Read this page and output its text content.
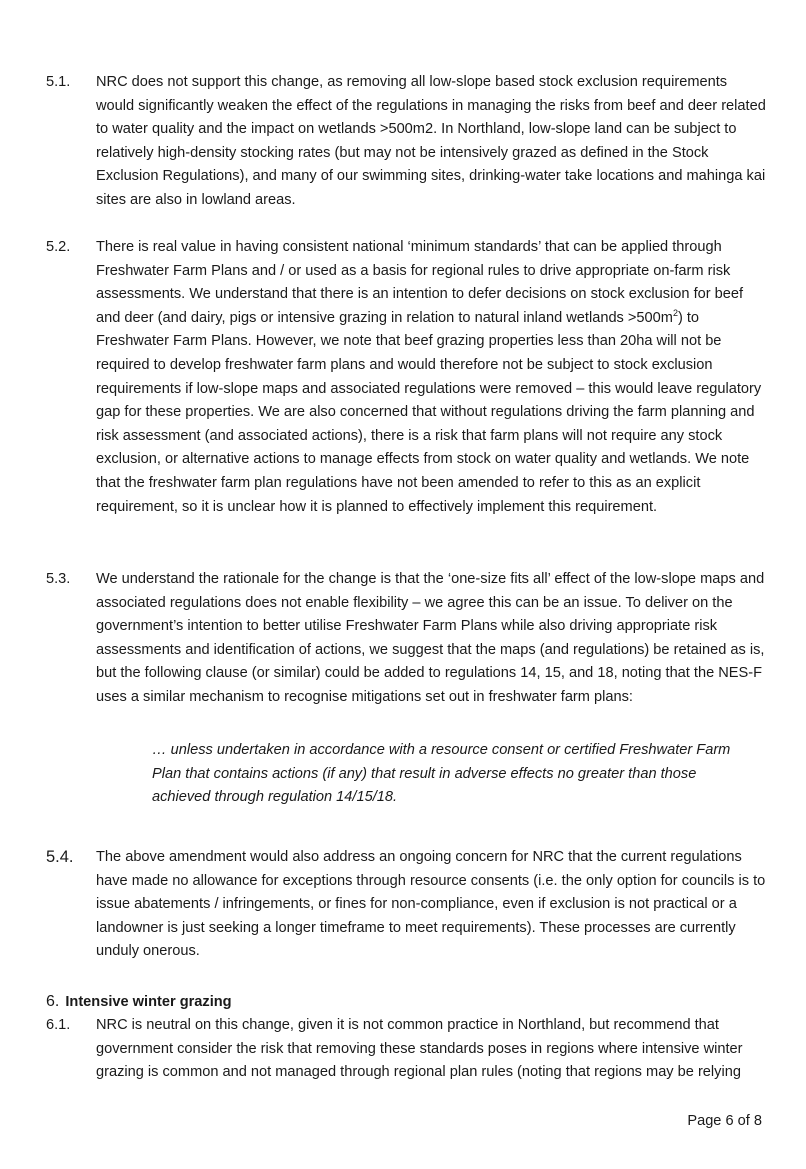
5.1.	NRC does not support this change, as removing all low-slope based stock exclusion requirements would significantly weaken the effect of the regulations in managing the risks from beef and deer related to water quality and the impact on wetlands >500m2. In Northland, low-slope land can be subject to relatively high-density stocking rates (but may not be intensively grazed as defined in the Stock Exclusion Regulations), and many of our swimming sites, drinking-water take locations and mahinga kai sites are also in lowland areas.
5.2.	There is real value in having consistent national ‘minimum standards’ that can be applied through Freshwater Farm Plans and / or used as a basis for regional rules to drive appropriate on-farm risk assessments. We understand that there is an intention to defer decisions on stock exclusion for beef and deer (and dairy, pigs or intensive grazing in relation to natural inland wetlands $>500m^2$) to Freshwater Farm Plans. However, we note that beef grazing properties less than 20ha will not be required to develop freshwater farm plans and would therefore not be subject to stock exclusion requirements if low-slope maps and associated regulations were removed – this would leave regulatory gap for these properties. We are also concerned that without regulations driving the farm planning and risk assessment (and associated actions), there is a risk that farm plans will not require any stock exclusion, or alternative actions to manage effects from stock on water quality and wetlands. We note that the freshwater farm plan regulations have not been amended to refer to this as an explicit requirement, so it is unclear how it is planned to effectively implement this requirement.
5.3.	We understand the rationale for the change is that the ‘one-size fits all’ effect of the low-slope maps and associated regulations does not enable flexibility – we agree this can be an issue. To deliver on the government’s intention to better utilise Freshwater Farm Plans while also driving appropriate risk assessments and identification of actions, we suggest that the maps (and regulations) be retained as is, but the following clause (or similar) could be added to regulations 14, 15, and 18, noting that the NES-F uses a similar mechanism to recognise mitigations set out in freshwater farm plans:
… unless undertaken in accordance with a resource consent or certified Freshwater Farm Plan that contains actions (if any) that result in adverse effects no greater than those achieved through regulation 14/15/18.
5.4.	The above amendment would also address an ongoing concern for NRC that the current regulations have made no allowance for exceptions through resource consents (i.e. the only option for councils is to issue abatements / infringements, or fines for non-compliance, even if exclusion is not practical or a landowner is just seeking a longer timeframe to meet requirements). These processes are currently unduly onerous.
6. Intensive winter grazing
6.1.	NRC is neutral on this change, given it is not common practice in Northland, but recommend that government consider the risk that removing these standards poses in regions where intensive winter grazing is common and not managed through regional plan rules (noting that regions may be relying
Page 6 of 8
